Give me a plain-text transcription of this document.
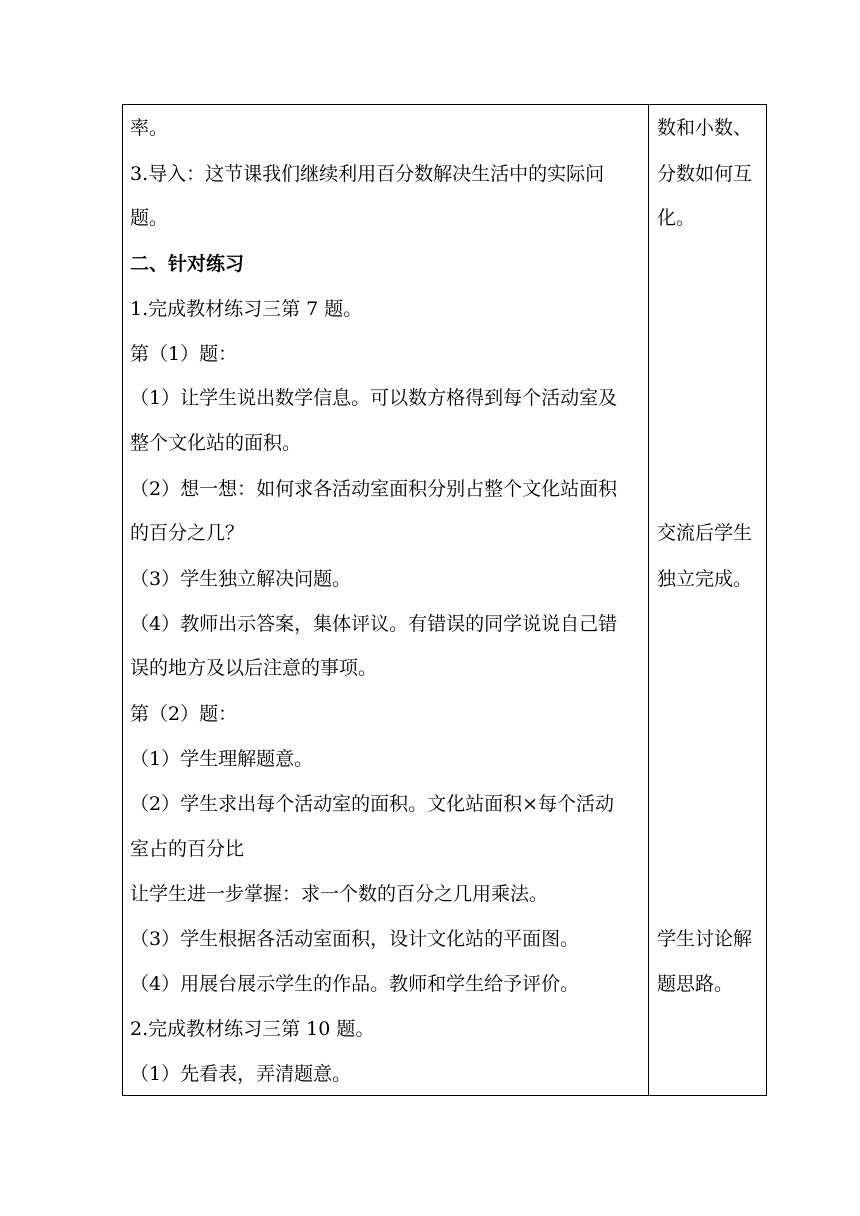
率。
3.导入：这节课我们继续利用百分数解决生活中的实际问
题。
二、针对练习
1.完成教材练习三第 7 题。
第（1）题：
（1）让学生说出数学信息。可以数方格得到每个活动室及
整个文化站的面积。
（2）想一想：如何求各活动室面积分别占整个文化站面积
的百分之几？
（3）学生独立解决问题。
（4）教师出示答案，集体评议。有错误的同学说说自己错
误的地方及以后注意的事项。
第（2）题：
（1）学生理解题意。
（2）学生求出每个活动室的面积。文化站面积×每个活动
室占的百分比
让学生进一步掌握：求一个数的百分之几用乘法。
（3）学生根据各活动室面积，设计文化站的平面图。
（4）用展台展示学生的作品。教师和学生给予评价。
2.完成教材练习三第 10 题。
（1）先看表，弄清题意。
数和小数、
分数如何互
化。
交流后学生
独立完成。
学生讨论解
题思路。
